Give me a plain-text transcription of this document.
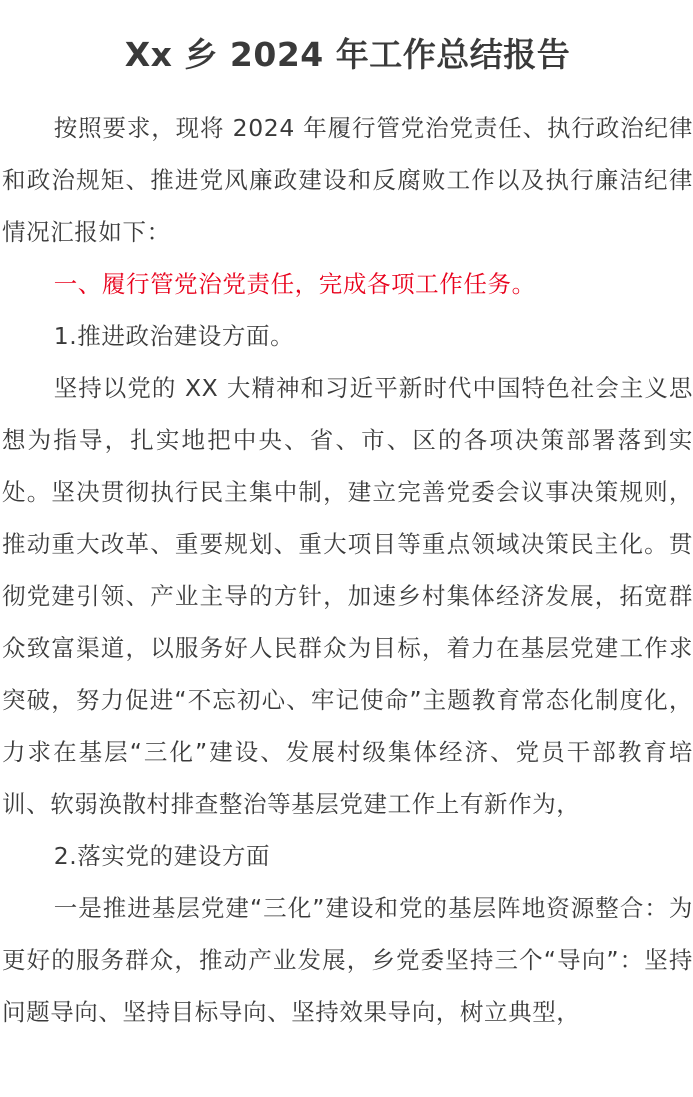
Xx 乡 2024 年工作总结报告

按照要求，现将 2024 年履行管党治党责任、执行政治纪律和政治规矩、推进党风廉政建设和反腐败工作以及执行廉洁纪律情况汇报如下：

一、履行管党治党责任，完成各项工作任务。

1.推进政治建设方面。

坚持以党的 XX 大精神和习近平新时代中国特色社会主义思想为指导，扎实地把中央、省、市、区的各项决策部署落到实处。坚决贯彻执行民主集中制，建立完善党委会议事决策规则，推动重大改革、重要规划、重大项目等重点领域决策民主化。贯彻党建引领、产业主导的方针，加速乡村集体经济发展，拓宽群众致富渠道，以服务好人民群众为目标，着力在基层党建工作求突破，努力促进“不忘初心、牢记使命”主题教育常态化制度化，力求在基层“三化”建设、发展村级集体经济、党员干部教育培训、软弱涣散村排查整治等基层党建工作上有新作为，

2.落实党的建设方面

一是推进基层党建“三化”建设和党的基层阵地资源整合：为更好的服务群众，推动产业发展，乡党委坚持三个“导向”：坚持问题导向、坚持目标导向、坚持效果导向，树立典型，
